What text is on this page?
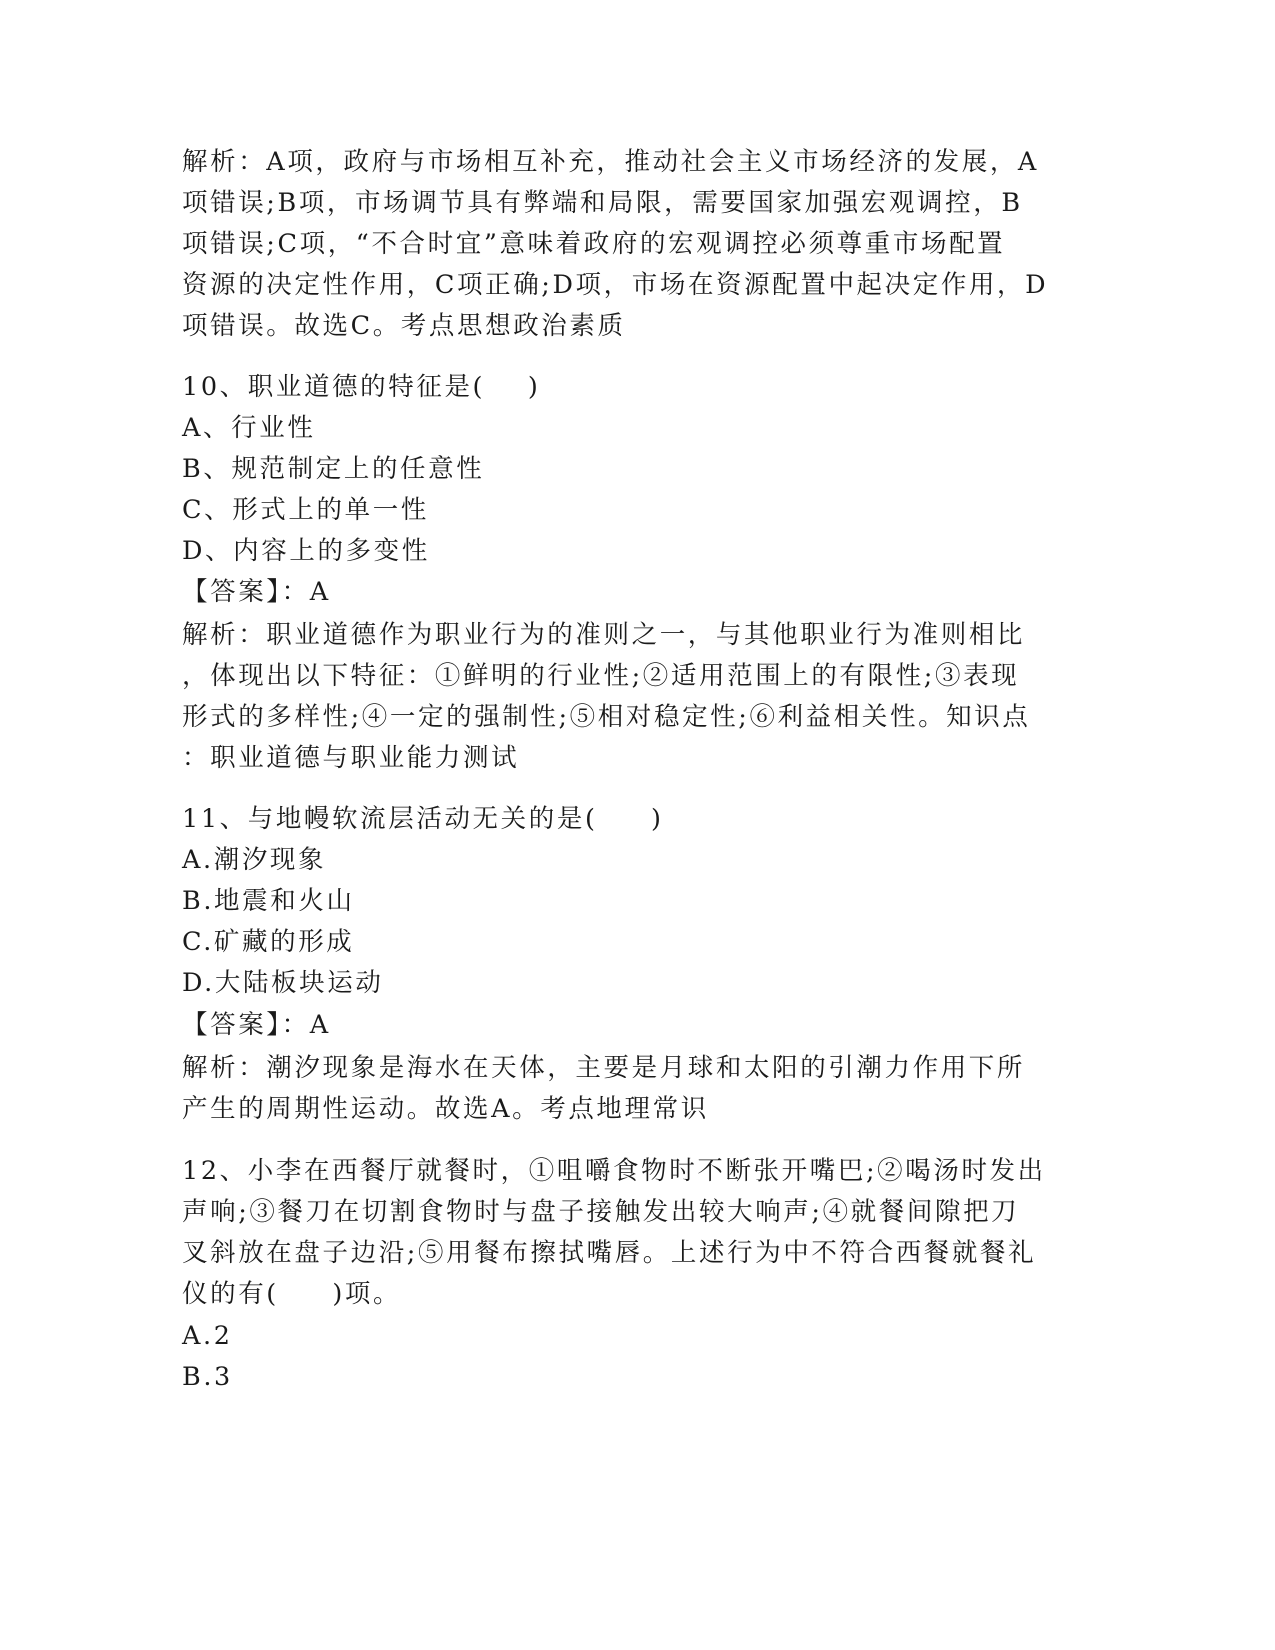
解析：A项，政府与市场相互补充，推动社会主义市场经济的发展，A
项错误;B项，市场调节具有弊端和局限，需要国家加强宏观调控，B
项错误;C项，“不合时宜”意味着政府的宏观调控必须尊重市场配置
资源的决定性作用，C项正确;D项，市场在资源配置中起决定作用，D
项错误。故选C。考点思想政治素质
10、职业道德的特征是(    )
A、行业性
B、规范制定上的任意性
C、形式上的单一性
D、内容上的多变性
【答案】：A
解析：职业道德作为职业行为的准则之一，与其他职业行为准则相比
，体现出以下特征：①鲜明的行业性;②适用范围上的有限性;③表现
形式的多样性;④一定的强制性;⑤相对稳定性;⑥利益相关性。知识点
：职业道德与职业能力测试
11、与地幔软流层活动无关的是(     )
A.潮汐现象
B.地震和火山
C.矿藏的形成
D.大陆板块运动
【答案】：A
解析：潮汐现象是海水在天体，主要是月球和太阳的引潮力作用下所
产生的周期性运动。故选A。考点地理常识
12、小李在西餐厅就餐时，①咀嚼食物时不断张开嘴巴;②喝汤时发出
声响;③餐刀在切割食物时与盘子接触发出较大响声;④就餐间隙把刀
叉斜放在盘子边沿;⑤用餐布擦拭嘴唇。上述行为中不符合西餐就餐礼
仪的有(     )项。
A.2
B.3
